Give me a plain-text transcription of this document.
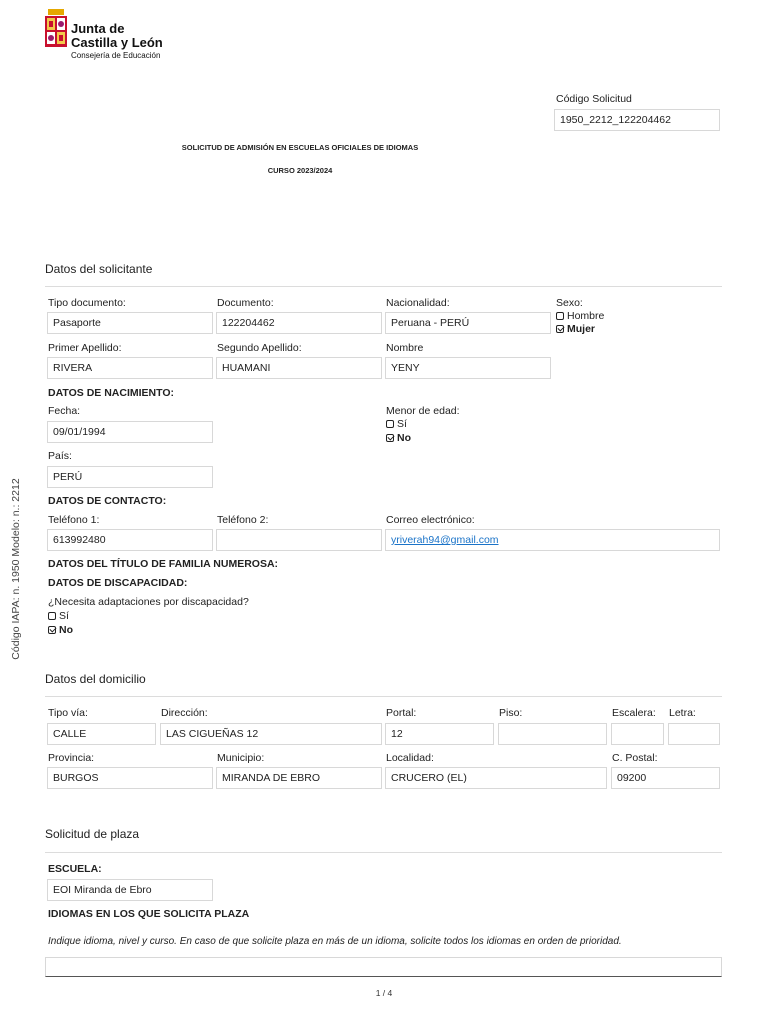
Junta de
Castilla y León
Consejería de Educación
Código Solicitud
1950_2212_122204462
SOLICITUD DE ADMISIÓN EN ESCUELAS OFICIALES DE IDIOMAS
CURSO 2023/2024
Código IAPA: n. 1950 Modelo: n.: 2212
Datos del solicitante
Tipo documento:
Pasaporte
Documento:
122204462
Nacionalidad:
Peruana - PERÚ
Sexo:
Hombre
Mujer
Primer Apellido:
RIVERA
Segundo Apellido:
HUAMANI
Nombre
YENY
DATOS DE NACIMIENTO:
Fecha:
09/01/1994
Menor de edad:
Sí
No
País:
PERÚ
DATOS DE CONTACTO:
Teléfono 1:
613992480
Teléfono 2:	Correo electrónico:
yriverah94@gmail.com
DATOS DEL TÍTULO DE FAMILIA NUMEROSA:
DATOS DE DISCAPACIDAD:
¿Necesita adaptaciones por discapacidad?
Sí
No
Datos del domicilio
Tipo vía:
CALLE
Dirección:
LAS CIGUEÑAS 12
Portal:
12
Piso:	Escalera: Letra:
Provincia:
BURGOS
Municipio:
MIRANDA DE EBRO
Localidad:
CRUCERO (EL)
C. Postal:
09200
Solicitud de plaza
ESCUELA:
EOI Miranda de Ebro
IDIOMAS EN LOS QUE SOLICITA PLAZA
Indique idioma, nivel y curso. En caso de que solicite plaza en más de un idioma, solicite todos los idiomas en orden de prioridad.
1 / 4
